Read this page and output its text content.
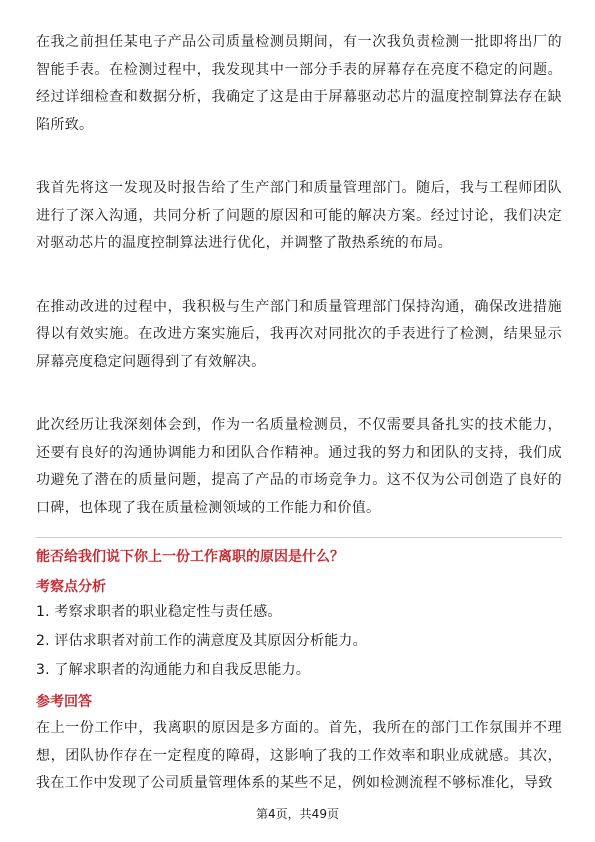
在我之前担任某电子产品公司质量检测员期间，有一次我负责检测一批即将出厂的智能手表。在检测过程中，我发现其中一部分手表的屏幕存在亮度不稳定的问题。经过详细检查和数据分析，我确定了这是由于屏幕驱动芯片的温度控制算法存在缺陷所致。

我首先将这一发现及时报告给了生产部门和质量管理部门。随后，我与工程师团队进行了深入沟通，共同分析了问题的原因和可能的解决方案。经过讨论，我们决定对驱动芯片的温度控制算法进行优化，并调整了散热系统的布局。

在推动改进的过程中，我积极与生产部门和质量管理部门保持沟通，确保改进措施得以有效实施。在改进方案实施后，我再次对同批次的手表进行了检测，结果显示屏幕亮度稳定问题得到了有效解决。

此次经历让我深刻体会到，作为一名质量检测员，不仅需要具备扎实的技术能力，还要有良好的沟通协调能力和团队合作精神。通过我的努力和团队的支持，我们成功避免了潜在的质量问题，提高了产品的市场竞争力。这不仅为公司创造了良好的口碑，也体现了我在质量检测领域的工作能力和价值。

能否给我们说下你上一份工作离职的原因是什么？

考察点分析

1. 考察求职者的职业稳定性与责任感。
2. 评估求职者对前工作的满意度及其原因分析能力。
3. 了解求职者的沟通能力和自我反思能力。

参考回答

在上一份工作中，我离职的原因是多方面的。首先，我所在的部门工作氛围并不理想，团队协作存在一定程度的障碍，这影响了我的工作效率和职业成就感。其次，我在工作中发现了公司质量管理体系的某些不足，例如检测流程不够标准化，导致

第4页，共49页
